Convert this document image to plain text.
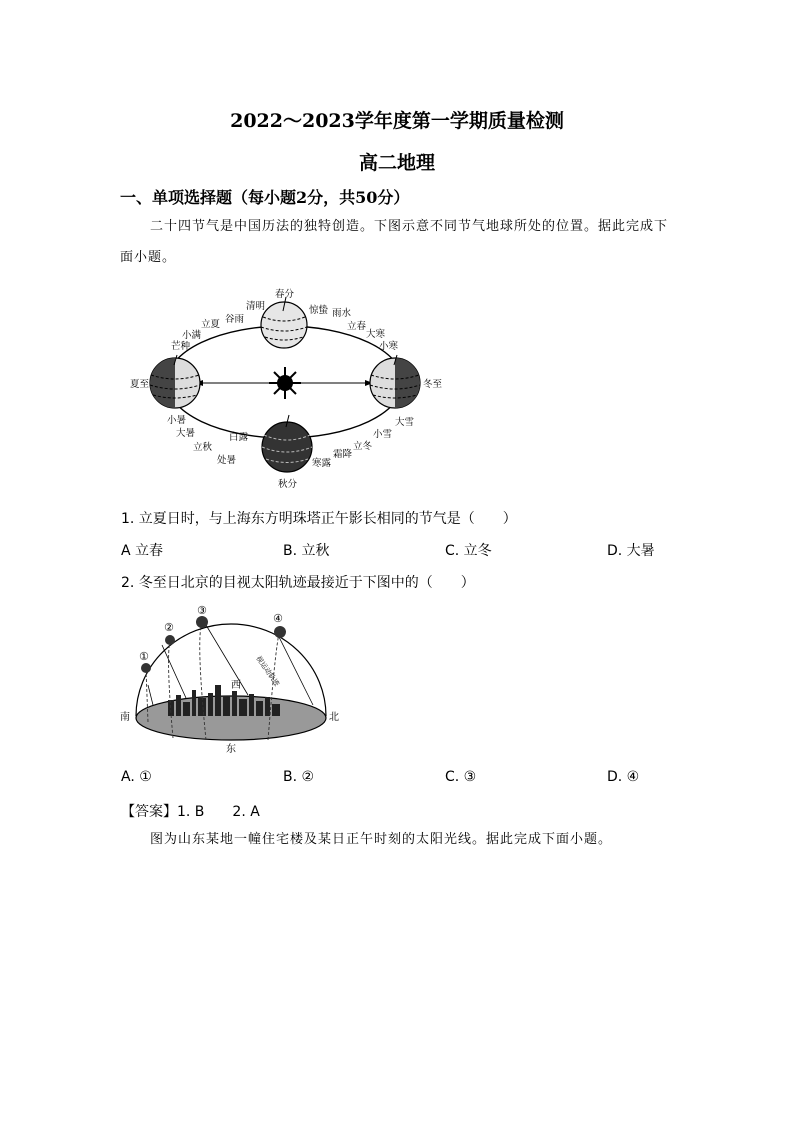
2022～2023学年度第一学期质量检测
高二地理
一、单项选择题（每小题2分，共50分）
二十四节气是中国历法的独特创造。下图示意不同节气地球所处的位置。据此完成下面小题。
春分
惊蛰 雨水
立春
大寒
小寒
冬至
大雪
小雪
立冬
霜降
寒露
秋分
白露
处暑
立秋
大暑
小暑
夏至
芒种
小满
立夏 谷雨
清明
1. 立夏日时，与上海东方明珠塔正午影长相同的节气是（　　）
A 立春	B. 立秋	C. 立冬	D. 大暑
2. 冬至日北京的目视太阳轨迹最接近于下图中的（　　）
①
②
③
④
南	北
东
西 视运动轨迹
A. ①	B. ②	C. ③	D. ④
【答案】1. B　　2. A
图为山东某地一幢住宅楼及某日正午时刻的太阳光线。据此完成下面小题。
